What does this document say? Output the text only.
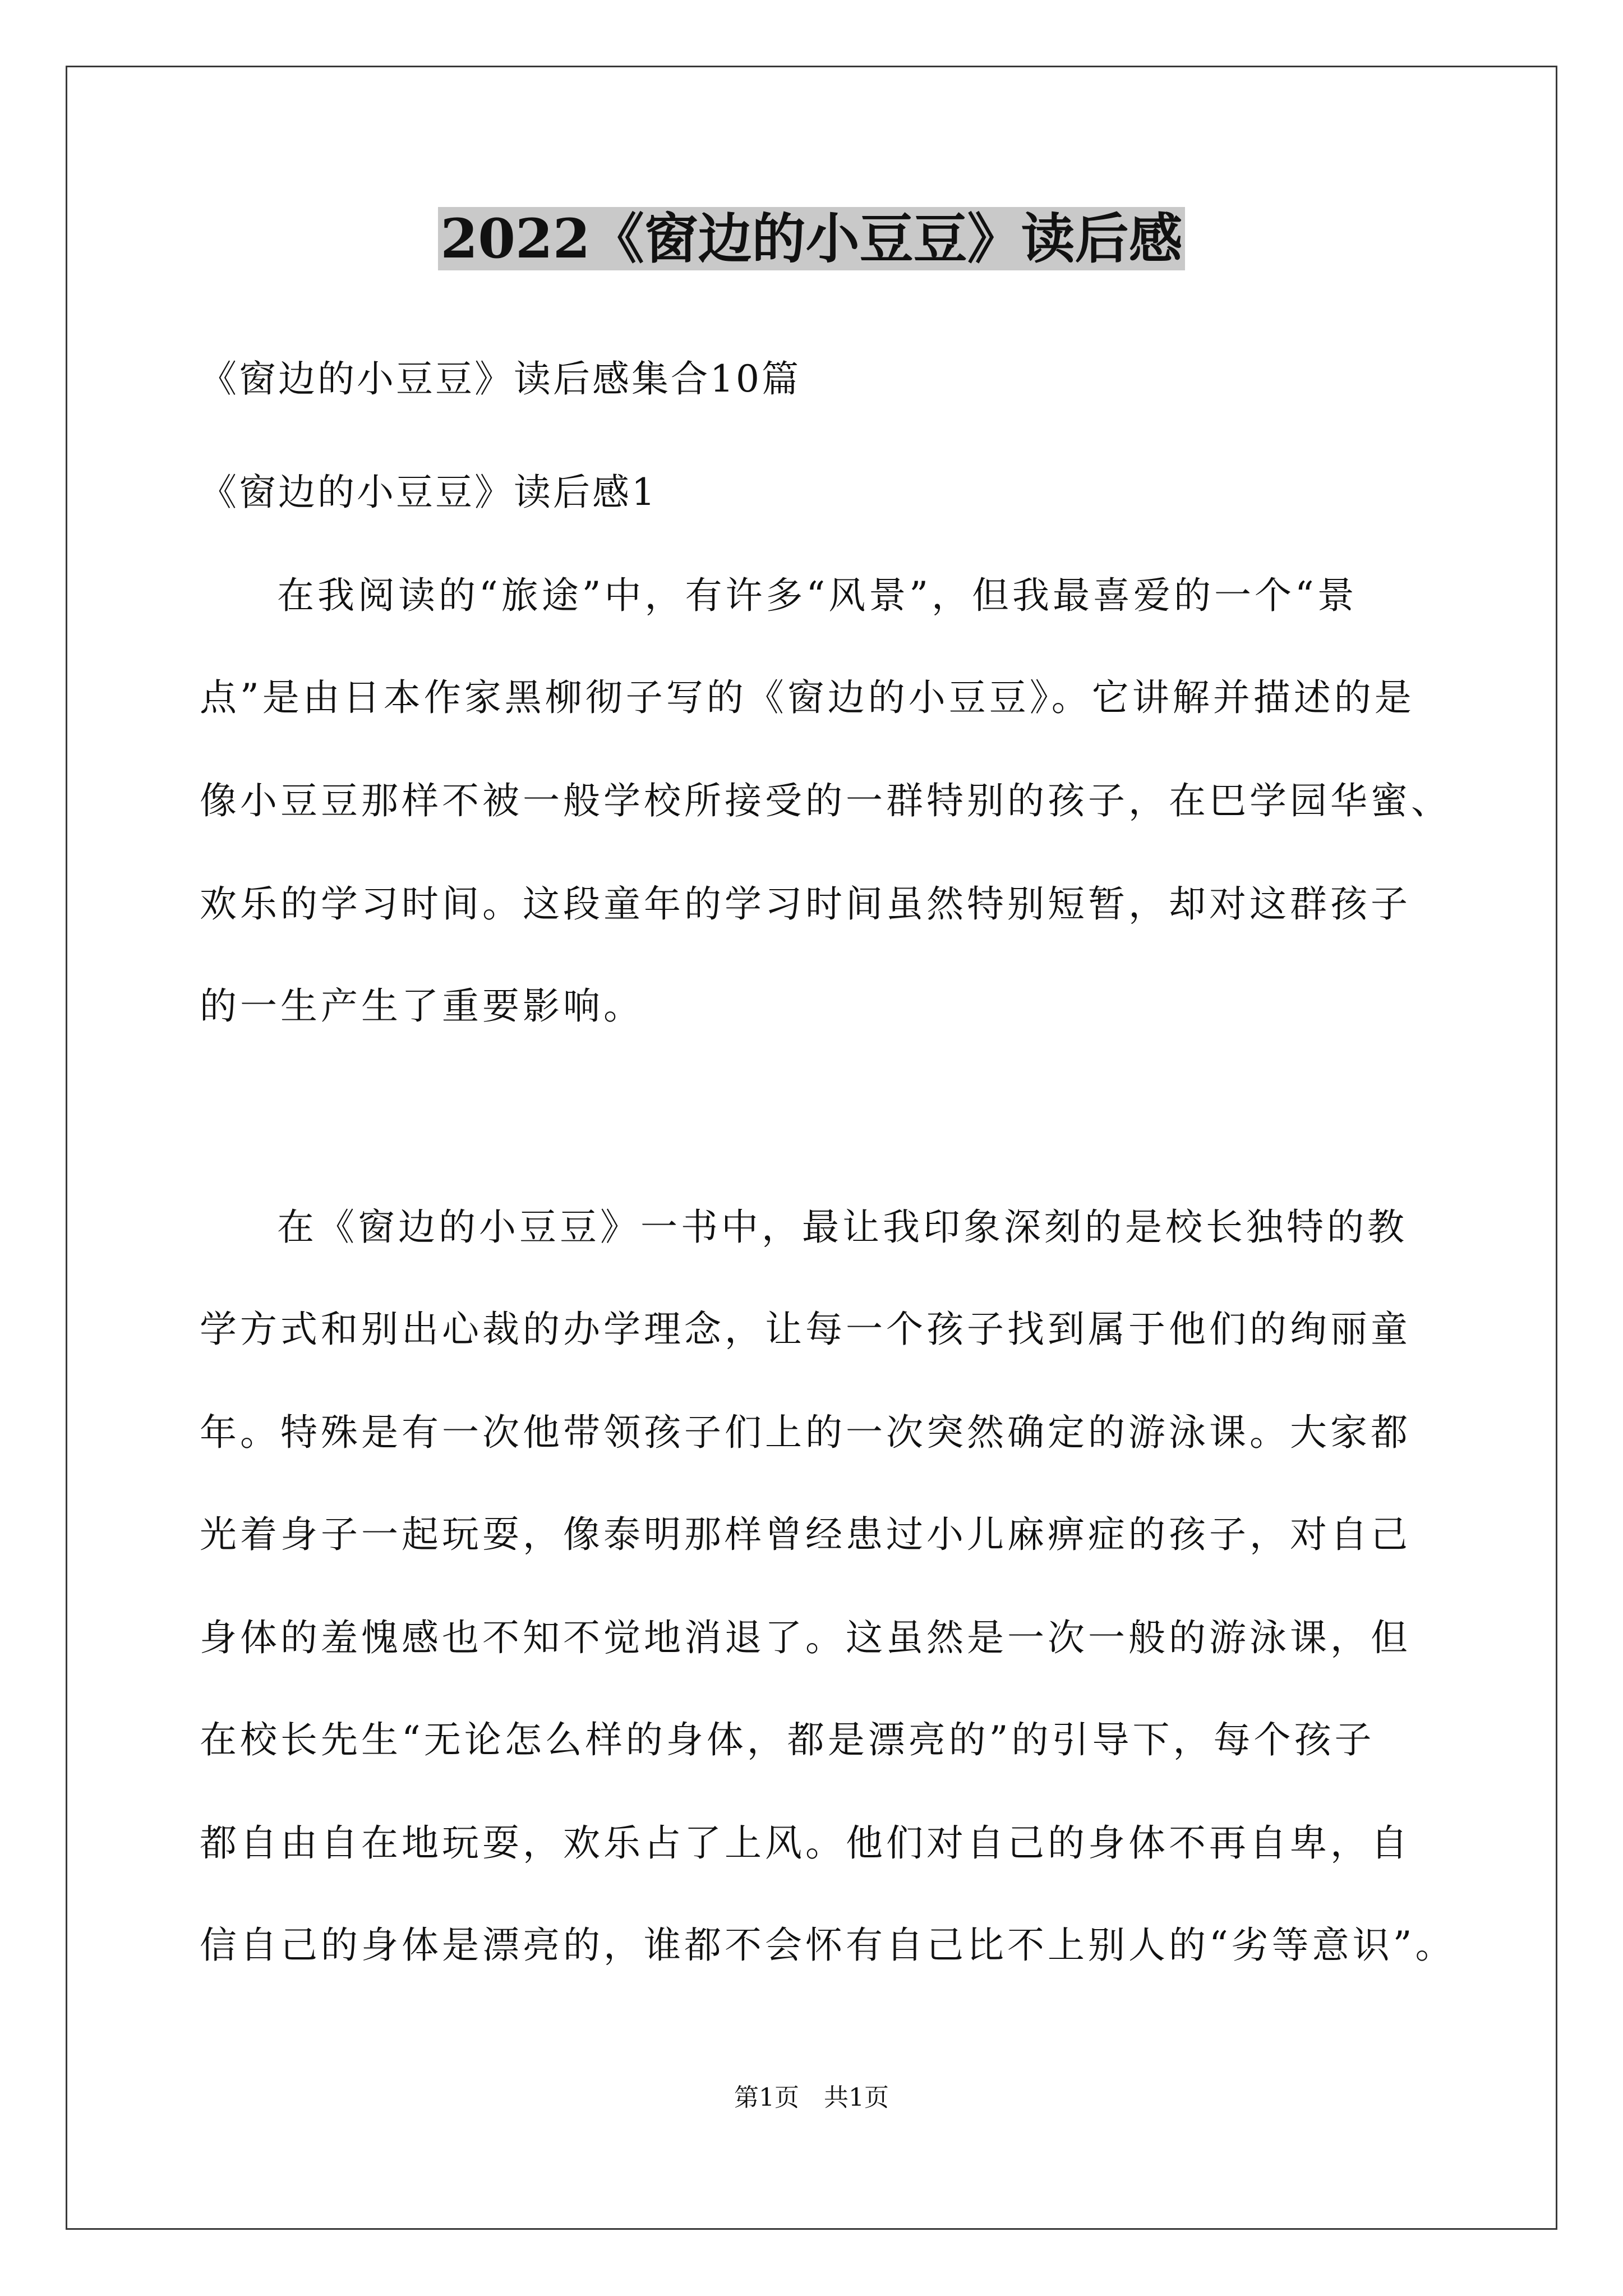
2022《窗边的小豆豆》读后感

《窗边的小豆豆》读后感集合10篇

《窗边的小豆豆》读后感1

在我阅读的“旅途”中，有许多“风景”，但我最喜爱的一个“景

点”是由日本作家黑柳彻子写的《窗边的小豆豆》。它讲解并描述的是

像小豆豆那样不被一般学校所接受的一群特别的孩子，在巴学园华蜜、

欢乐的学习时间。这段童年的学习时间虽然特别短暂，却对这群孩子

的一生产生了重要影响。

在《窗边的小豆豆》一书中，最让我印象深刻的是校长独特的教

学方式和别出心裁的办学理念，让每一个孩子找到属于他们的绚丽童

年。特殊是有一次他带领孩子们上的一次突然确定的游泳课。大家都

光着身子一起玩耍，像泰明那样曾经患过小儿麻痹症的孩子，对自己

身体的羞愧感也不知不觉地消退了。这虽然是一次一般的游泳课，但

在校长先生“无论怎么样的身体，都是漂亮的”的引导下，每个孩子

都自由自在地玩耍，欢乐占了上风。他们对自己的身体不再自卑，自

信自己的身体是漂亮的，谁都不会怀有自己比不上别人的“劣等意识”。

第1页　共1页
